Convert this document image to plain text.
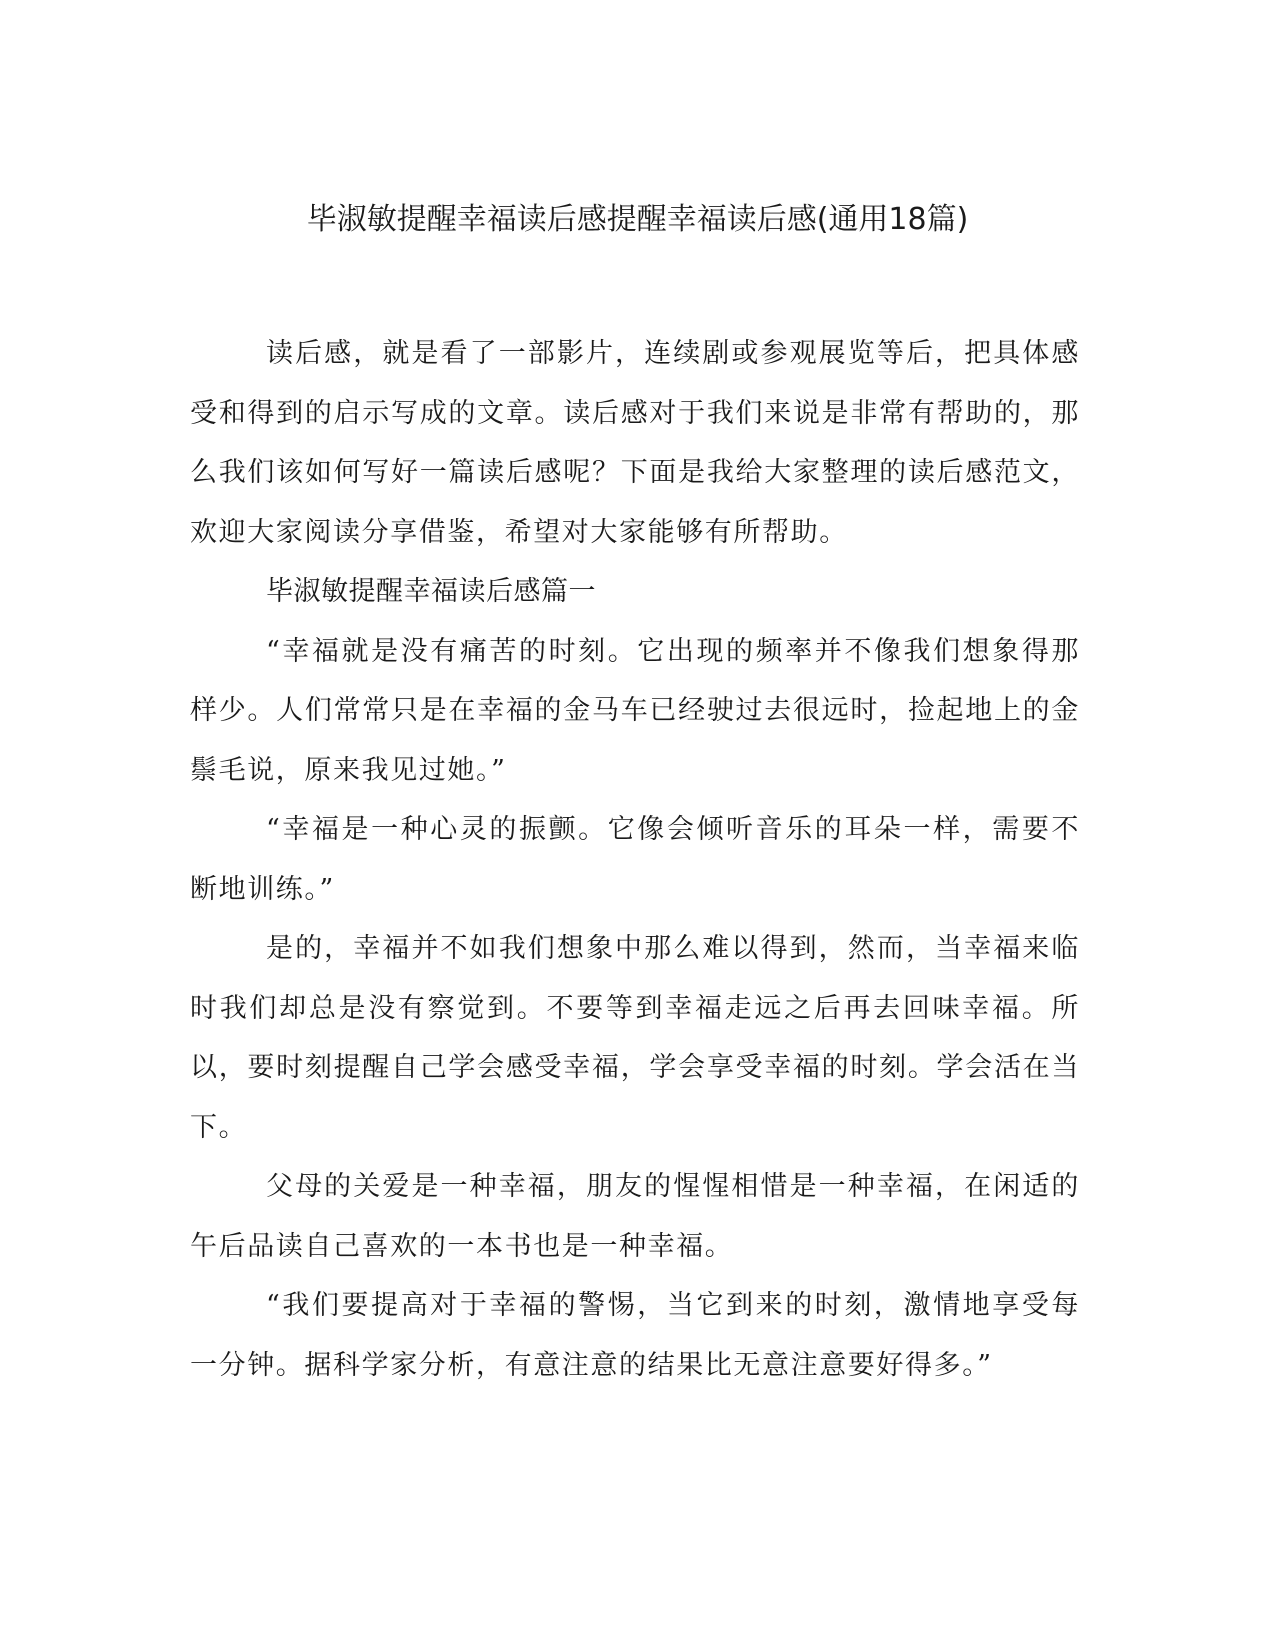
毕淑敏提醒幸福读后感提醒幸福读后感(通用18篇)

读后感，就是看了一部影片，连续剧或参观展览等后，把具体感受和得到的启示写成的文章。读后感对于我们来说是非常有帮助的，那么我们该如何写好一篇读后感呢？下面是我给大家整理的读后感范文，欢迎大家阅读分享借鉴，希望对大家能够有所帮助。

毕淑敏提醒幸福读后感篇一

“幸福就是没有痛苦的时刻。它出现的频率并不像我们想象得那样少。人们常常只是在幸福的金马车已经驶过去很远时，捡起地上的金鬃毛说，原来我见过她。”

“幸福是一种心灵的振颤。它像会倾听音乐的耳朵一样，需要不断地训练。”

是的，幸福并不如我们想象中那么难以得到，然而，当幸福来临时我们却总是没有察觉到。不要等到幸福走远之后再去回味幸福。所以，要时刻提醒自己学会感受幸福，学会享受幸福的时刻。学会活在当下。

父母的关爱是一种幸福，朋友的惺惺相惜是一种幸福，在闲适的午后品读自己喜欢的一本书也是一种幸福。

“我们要提高对于幸福的警惕，当它到来的时刻，激情地享受每一分钟。据科学家分析，有意注意的结果比无意注意要好得多。”
